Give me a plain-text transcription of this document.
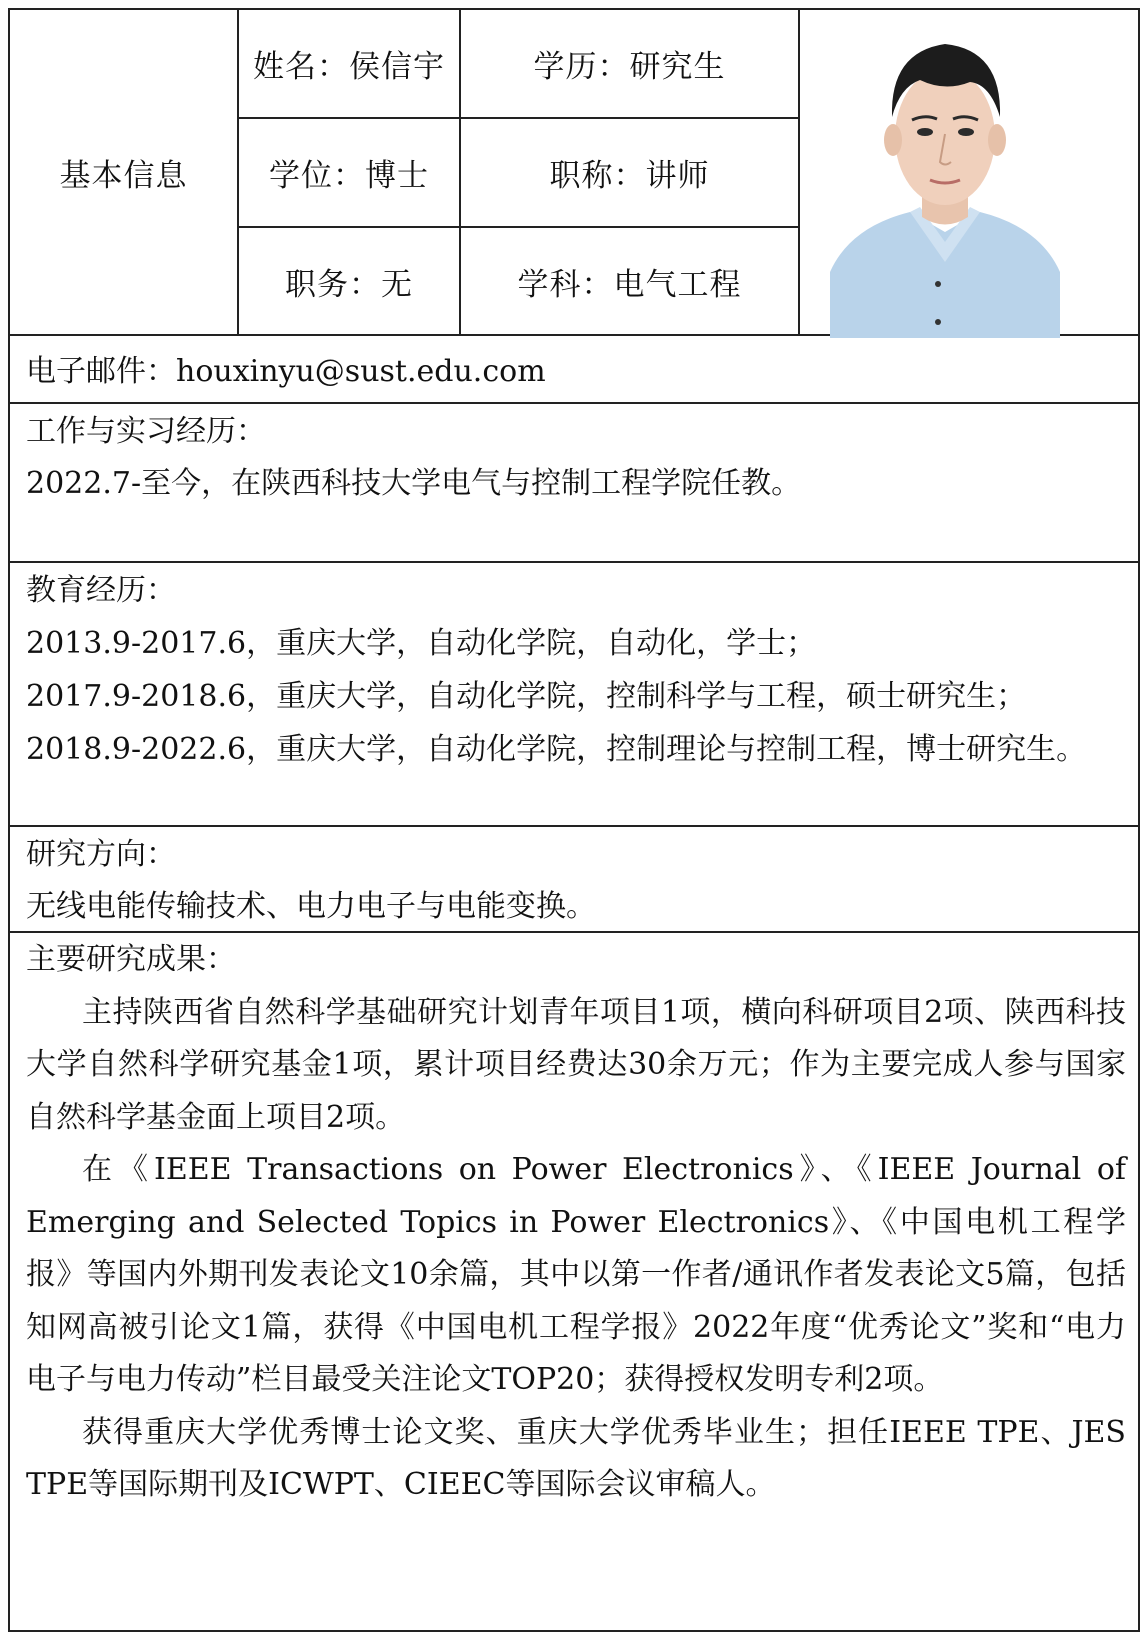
基本信息
姓名：侯信宇	学历：研究生
学位：博士	职称：讲师
职务：无	学科：电气工程

电子邮件：houxinyu@sust.edu.com

工作与实习经历：

2022.7-至今，在陕西科技大学电气与控制工程学院任教。

教育经历：

2013.9-2017.6，重庆大学，自动化学院，自动化，学士；

2017.9-2018.6，重庆大学，自动化学院，控制科学与工程，硕士研究生；

2018.9-2022.6，重庆大学，自动化学院，控制理论与控制工程，博士研究生。

研究方向：

无线电能传输技术、电力电子与电能变换。

主要研究成果：

主持陕西省自然科学基础研究计划青年项目1项，横向科研项目2项、陕西科技大学自然科学研究基金1项，累计项目经费达30余万元；作为主要完成人参与国家自然科学基金面上项目2项。

在《IEEE Transactions on Power Electronics》、《IEEE Journal of Emerging and Selected Topics in Power Electronics》、《中国电机工程学报》等国内外期刊发表论文10余篇，其中以第一作者/通讯作者发表论文5篇，包括知网高被引论文1篇，获得《中国电机工程学报》2022年度“优秀论文”奖和“电力电子与电力传动”栏目最受关注论文TOP20；获得授权发明专利2项。

获得重庆大学优秀博士论文奖、重庆大学优秀毕业生；担任IEEE TPE、JES TPE等国际期刊及ICWPT、CIEEC等国际会议审稿人。
